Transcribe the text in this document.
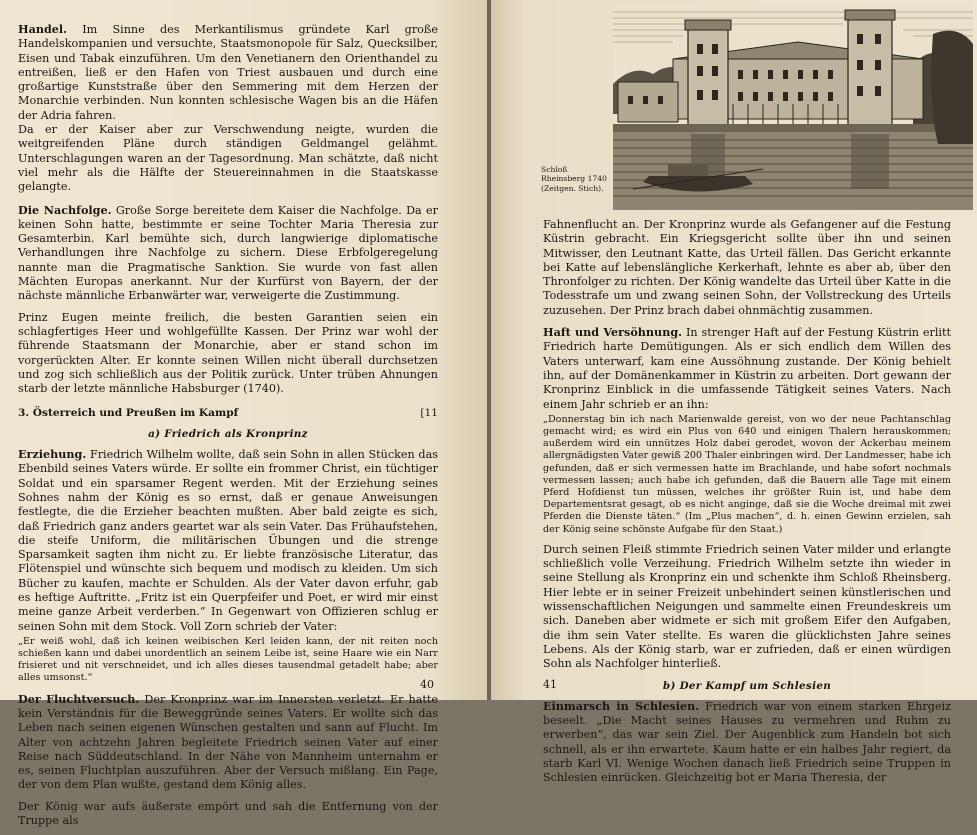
Handel. Im Sinne des Merkantilismus gründete Karl große Handelskompanien und versuchte, Staatsmonopole für Salz, Quecksilber, Eisen und Tabak einzuführen. Um den Venetianern den Orienthandel zu entreißen, ließ er den Hafen von Triest ausbauen und durch eine großartige Kunststraße über den Semmering mit dem Herzen der Monarchie verbinden. Nun konnten schlesische Wagen bis an die Häfen der Adria fahren.

Da er der Kaiser aber zur Verschwendung neigte, wurden die weitgreifenden Pläne durch ständigen Geldmangel gelähmt. Unterschlagungen waren an der Tagesordnung. Man schätzte, daß nicht viel mehr als die Hälfte der Steuereinnahmen in die Staatskasse gelangte.

Die Nachfolge. Große Sorge bereitete dem Kaiser die Nachfolge. Da er keinen Sohn hatte, bestimmte er seine Tochter Maria Theresia zur Gesamterbin. Karl bemühte sich, durch langwierige diplomatische Verhandlungen ihre Nachfolge zu sichern. Diese Erbfolgeregelung nannte man die Pragmatische Sanktion. Sie wurde von fast allen Mächten Europas anerkannt. Nur der Kurfürst von Bayern, der der nächste männliche Erbanwärter war, verweigerte die Zustimmung.

Prinz Eugen meinte freilich, die besten Garantien seien ein schlagfertiges Heer und wohlgefüllte Kassen. Der Prinz war wohl der führende Staatsmann der Monarchie, aber er stand schon im vorgerückten Alter. Er konnte seinen Willen nicht überall durchsetzen und zog sich schließlich aus der Politik zurück. Unter trüben Ahnungen starb der letzte männliche Habsburger (1740).

3. Österreich und Preußen im Kampf	[11
a) Friedrich als Kronprinz

Erziehung. Friedrich Wilhelm wollte, daß sein Sohn in allen Stücken das Ebenbild seines Vaters würde. Er sollte ein frommer Christ, ein tüchtiger Soldat und ein sparsamer Regent werden. Mit der Erziehung seines Sohnes nahm der König es so ernst, daß er genaue Anweisungen festlegte, die die Erzieher beachten mußten. Aber bald zeigte es sich, daß Friedrich ganz anders geartet war als sein Vater. Das Frühaufstehen, die steife Uniform, die militärischen Übungen und die strenge Sparsamkeit sagten ihm nicht zu. Er liebte französische Literatur, das Flötenspiel und wünschte sich bequem und modisch zu kleiden. Um sich Bücher zu kaufen, machte er Schulden. Als der Vater davon erfuhr, gab es heftige Auftritte. „Fritz ist ein Querpfeifer und Poet, er wird mir einst meine ganze Arbeit verderben.“ In Gegenwart von Offizieren schlug er seinen Sohn mit dem Stock. Voll Zorn schrieb der Vater:

„Er weiß wohl, daß ich keinen weibischen Kerl leiden kann, der nit reiten noch schießen kann und dabei unordentlich an seinem Leibe ist, seine Haare wie ein Narr frisieret und nit verschneidet, und ich alles dieses tausendmal getadelt habe; aber alles umsonst.“

Der Fluchtversuch. Der Kronprinz war im Innersten verletzt. Er hatte kein Verständnis für die Beweggründe seines Vaters. Er wollte sich das Leben nach seinen eigenen Wünschen gestalten und sann auf Flucht. Im Alter von achtzehn Jahren begleitete Friedrich seinen Vater auf einer Reise nach Süddeutschland. In der Nähe von Mannheim unternahm er es, seinen Fluchtplan auszuführen. Aber der Versuch mißlang. Ein Page, der von dem Plan wußte, gestand dem König alles.

Der König war aufs äußerste empört und sah die Entfernung von der Truppe als

40
Schloß Rheinsberg 1740 (Zeitgen. Stich).

Fahnenflucht an. Der Kronprinz wurde als Gefangener auf die Festung Küstrin gebracht. Ein Kriegsgericht sollte über ihn und seinen Mitwisser, den Leutnant Katte, das Urteil fällen. Das Gericht erkannte bei Katte auf lebenslängliche Kerkerhaft, lehnte es aber ab, über den Thronfolger zu richten. Der König wandelte das Urteil über Katte in die Todesstrafe um und zwang seinen Sohn, der Vollstreckung des Urteils zuzusehen. Der Prinz brach dabei ohnmächtig zusammen.

Haft und Versöhnung. In strenger Haft auf der Festung Küstrin erlitt Friedrich harte Demütigungen. Als er sich endlich dem Willen des Vaters unterwarf, kam eine Aussöhnung zustande. Der König behielt ihn, auf der Domänenkammer in Küstrin zu arbeiten. Dort gewann der Kronprinz Einblick in die umfassende Tätigkeit seines Vaters. Nach einem Jahr schrieb er an ihn:

„Donnerstag bin ich nach Marienwalde gereist, von wo der neue Pachtanschlag gemacht wird; es wird ein Plus von 640 und einigen Thalern herauskommen; außerdem wird ein unnützes Holz dabei gerodet, wovon der Ackerbau meinem allergnädigsten Vater gewiß 200 Thaler einbringen wird. Der Landmesser, habe ich gefunden, daß er sich vermessen hatte im Brachlande, und habe sofort nochmals vermessen lassen; auch habe ich gefunden, daß die Bauern alle Tage mit einem Pferd Hofdienst tun müssen, welches ihr größter Ruin ist, und habe dem Departementsrat gesagt, ob es nicht anginge, daß sie die Woche dreimal mit zwei Pferden die Dienste täten.“ (Im „Plus machen“, d. h. einen Gewinn erzielen, sah der König seine schönste Aufgabe für den Staat.)

Durch seinen Fleiß stimmte Friedrich seinen Vater milder und erlangte schließlich volle Verzeihung. Friedrich Wilhelm setzte ihn wieder in seine Stellung als Kronprinz ein und schenkte ihm Schloß Rheinsberg. Hier lebte er in seiner Freizeit unbehindert seinen künstlerischen und wissenschaftlichen Neigungen und sammelte einen Freundeskreis um sich. Daneben aber widmete er sich mit großem Eifer den Aufgaben, die ihm sein Vater stellte. Es waren die glücklichsten Jahre seines Lebens. Als der König starb, war er zufrieden, daß er einen würdigen Sohn als Nachfolger hinterließ.

b) Der Kampf um Schlesien

Einmarsch in Schlesien. Friedrich war von einem starken Ehrgeiz beseelt. „Die Macht seines Hauses zu vermehren und Ruhm zu erwerben“, das war sein Ziel. Der Augenblick zum Handeln bot sich schnell, als er ihn erwartete. Kaum hatte er ein halbes Jahr regiert, da starb Karl VI. Wenige Wochen danach ließ Friedrich seine Truppen in Schlesien einrücken. Gleichzeitig bot er Maria Theresia, der

41
